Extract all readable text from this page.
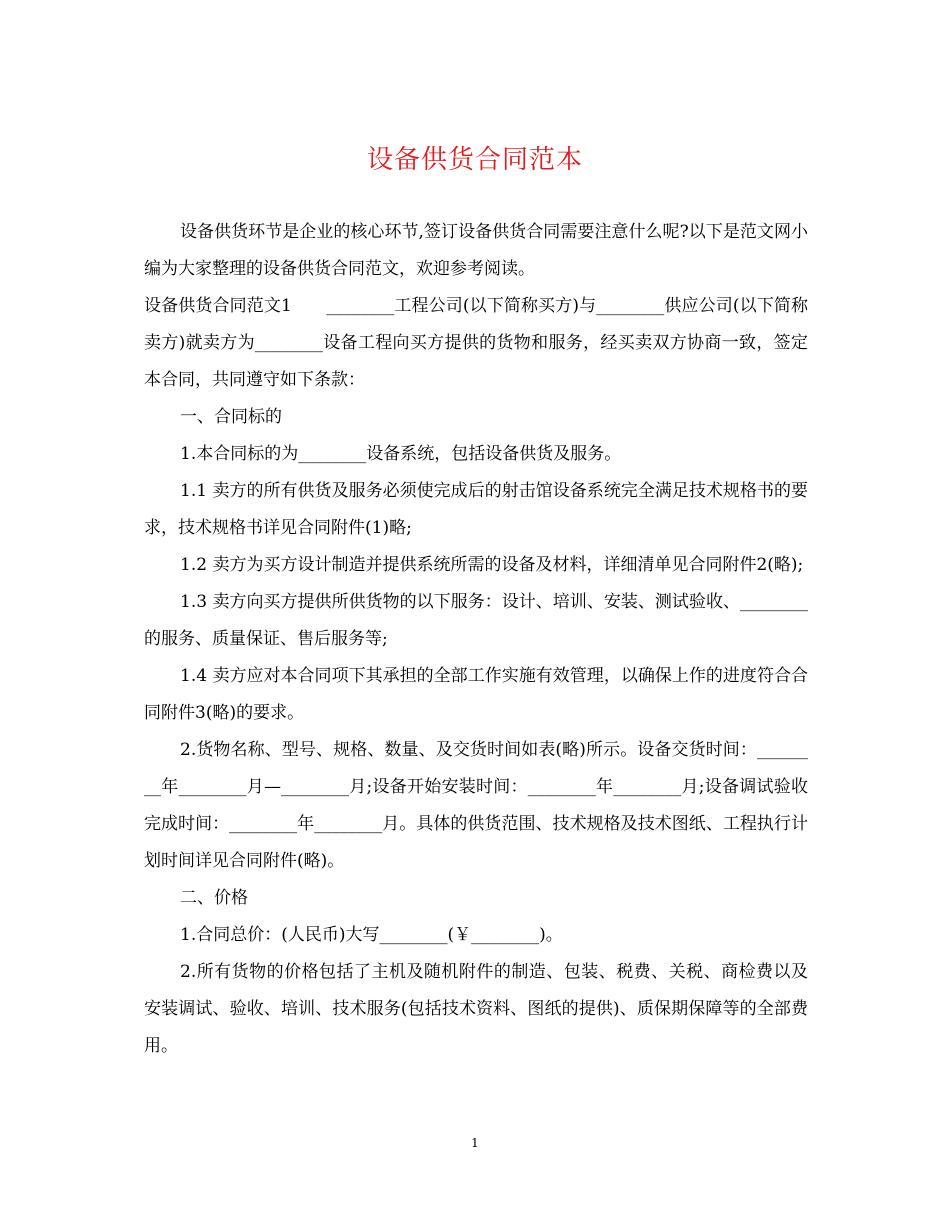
设备供货合同范本

设备供货环节是企业的核心环节,签订设备供货合同需要注意什么呢?以下是范文网小编为大家整理的设备供货合同范文，欢迎参考阅读。

设备供货合同范文1　　________工程公司(以下简称买方)与________供应公司(以下简称卖方)就卖方为________设备工程向买方提供的货物和服务，经买卖双方协商一致，签定本合同，共同遵守如下条款：

一、合同标的

1.本合同标的为________设备系统，包括设备供货及服务。

1.1 卖方的所有供货及服务必须使完成后的射击馆设备系统完全满足技术规格书的要求，技术规格书详见合同附件(1)略;

1.2 卖方为买方设计制造并提供系统所需的设备及材料，详细清单见合同附件2(略);

1.3 卖方向买方提供所供货物的以下服务：设计、培训、安装、测试验收、________的服务、质量保证、售后服务等;

1.4 卖方应对本合同项下其承担的全部工作实施有效管理，以确保上作的进度符合合同附件3(略)的要求。

2.货物名称、型号、规格、数量、及交货时间如表(略)所示。设备交货时间：________年________月—________月;设备开始安装时间：________年________月;设备调试验收完成时间：________年________月。具体的供货范围、技术规格及技术图纸、工程执行计划时间详见合同附件(略)。

二、价格

1.合同总价：(人民币)大写________(￥________)。

2.所有货物的价格包括了主机及随机附件的制造、包装、税费、关税、商检费以及安装调试、验收、培训、技术服务(包括技术资料、图纸的提供)、质保期保障等的全部费用。

1
